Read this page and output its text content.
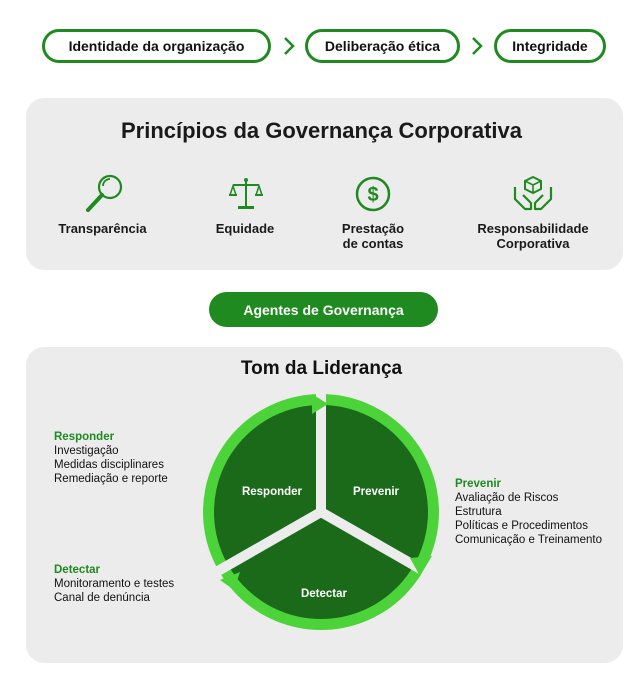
Identidade da organização	Deliberação ética	Integridade
Princípios da Governança Corporativa
Transparência	Equidade
$
Prestação de contas
Responsabilidade Corporativa
Agentes de Governança
Tom da Liderança
Responder	Prevenir
Detectar
Responder
Investigação
Medidas disciplinares
Remediação e reporte
Detectar
Monitoramento e testes
Canal de denúncia
Prevenir
Avaliação de Riscos
Estrutura
Políticas e Procedimentos
Comunicação e Treinamento
